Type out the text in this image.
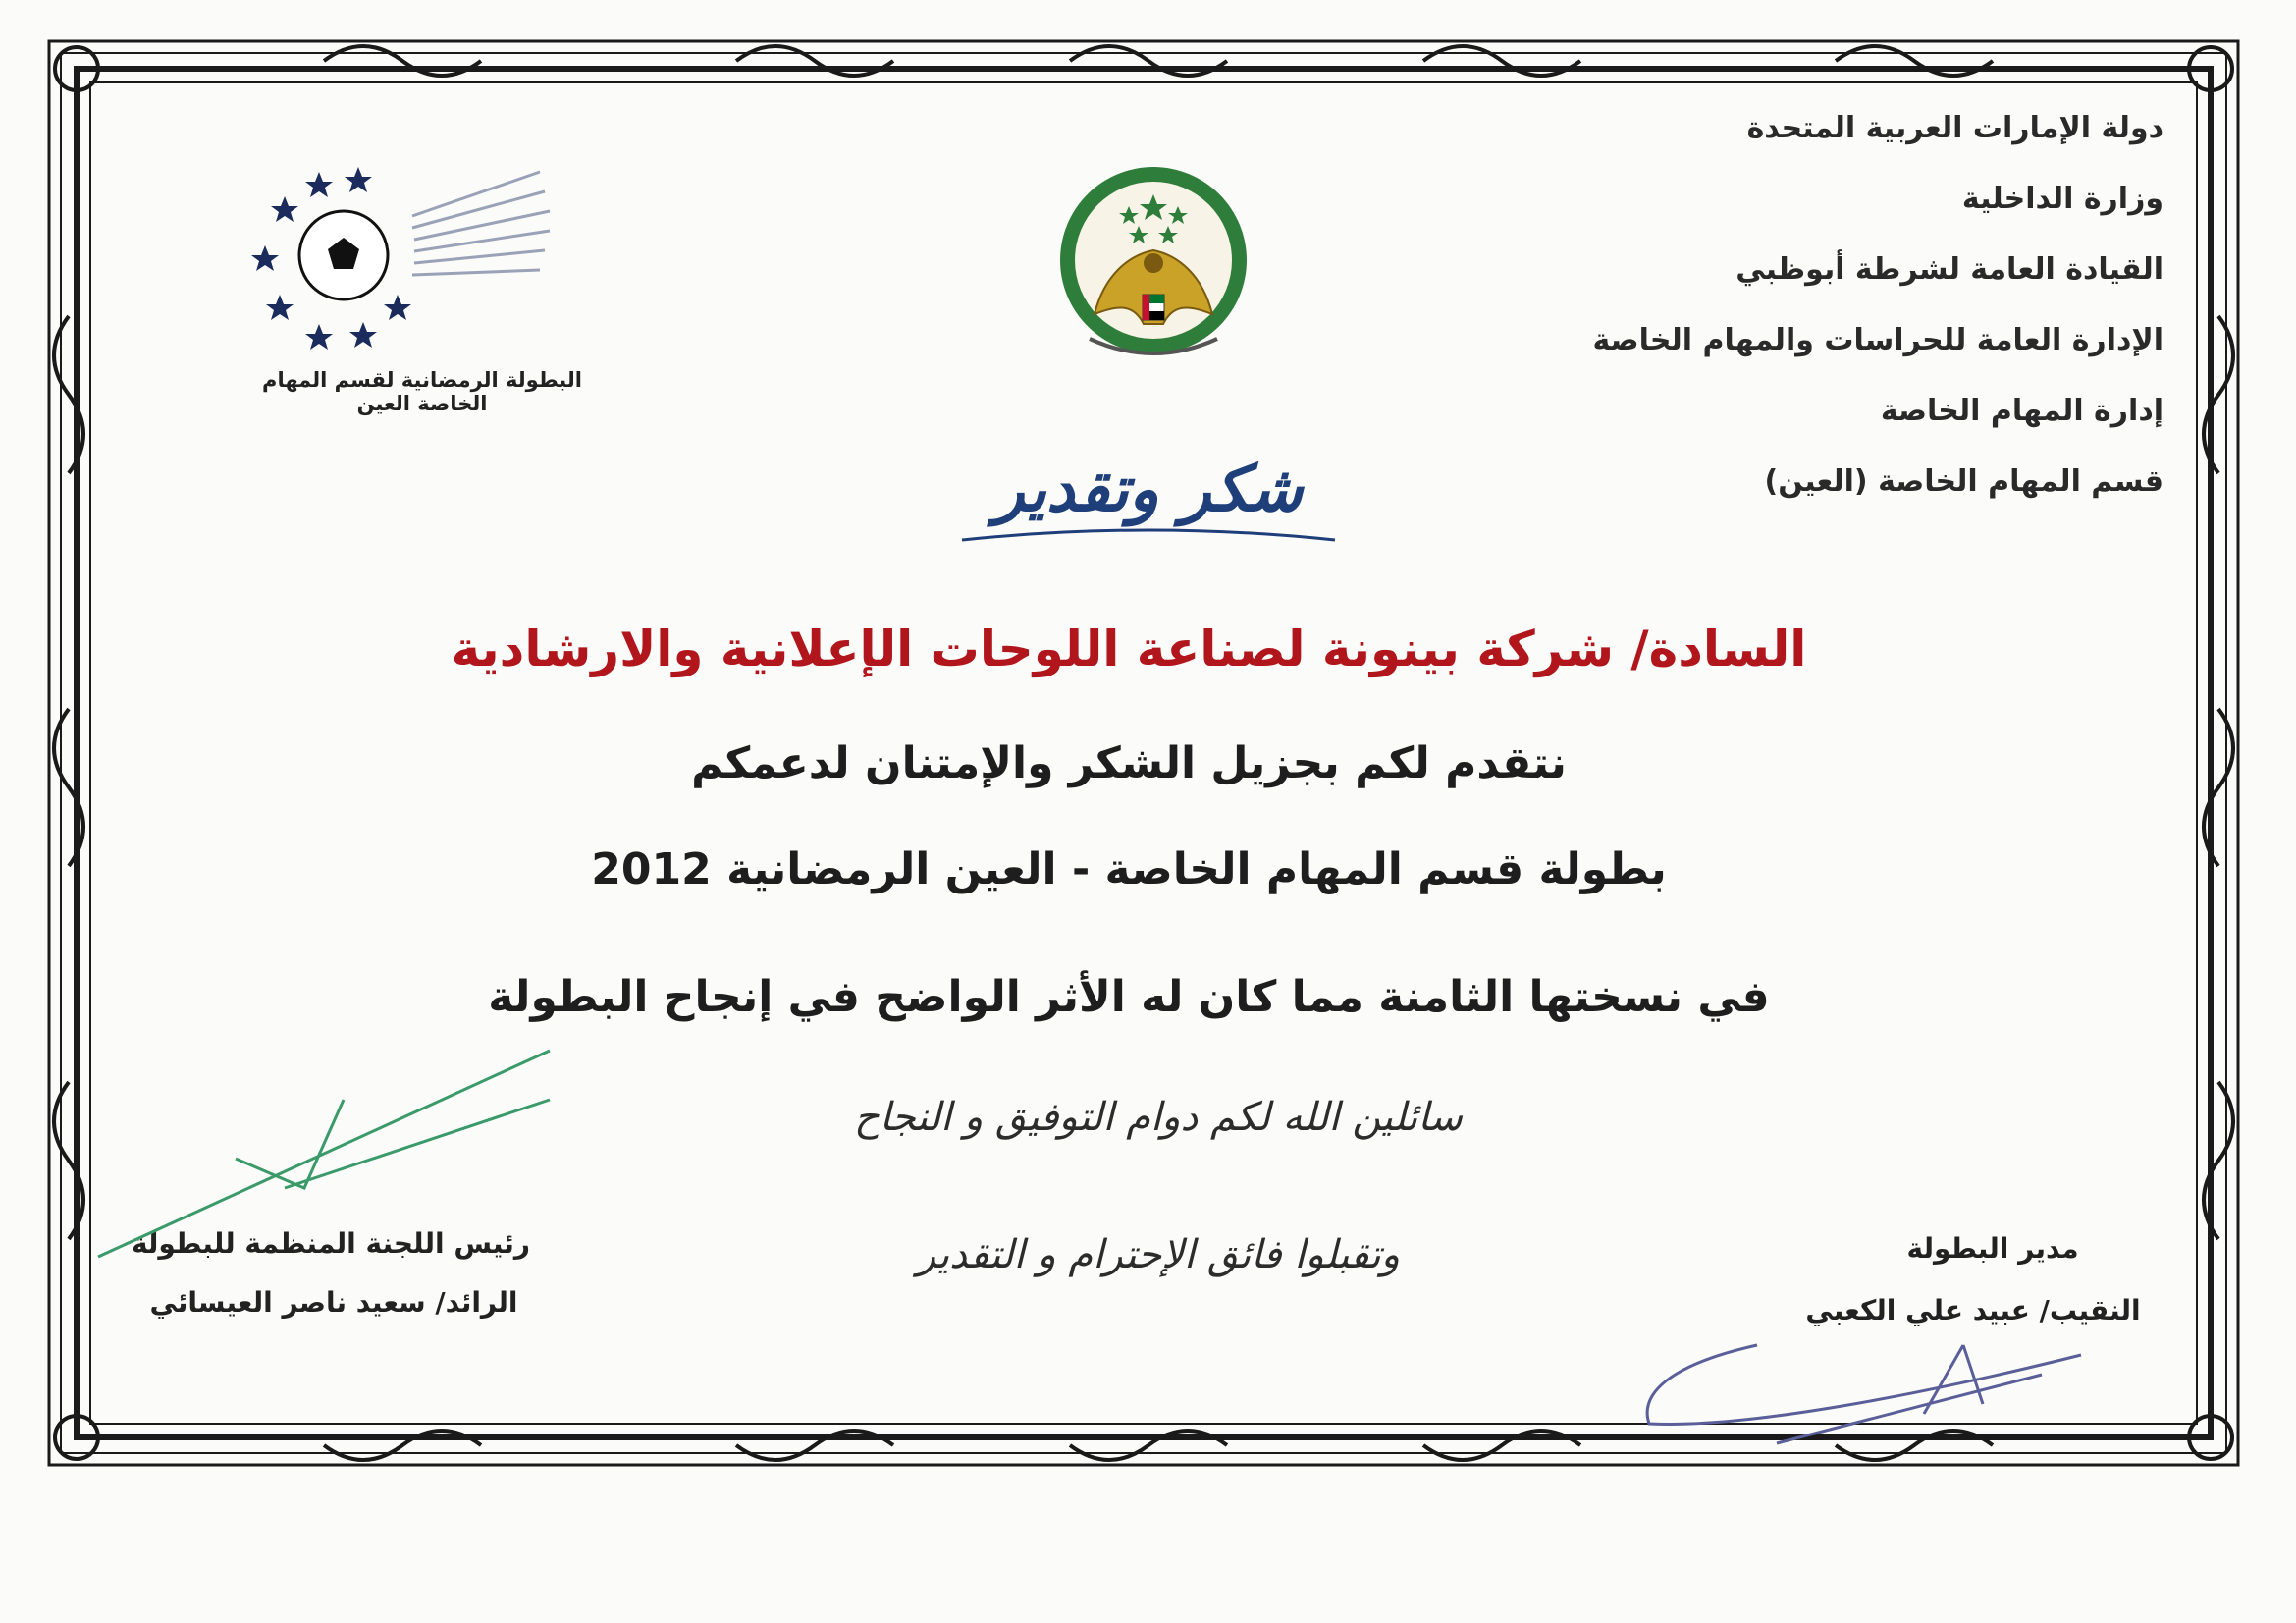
دولة الإمارات العربية المتحدة
وزارة الداخلية
القيادة العامة لشرطة أبوظبي
الإدارة العامة للحراسات والمهام الخاصة
إدارة المهام الخاصة
قسم المهام الخاصة (العين)
البطولة الرمضانية لقسم المهام الخاصة العين
شكر وتقدير
السادة/ شركة بينونة لصناعة اللوحات الإعلانية والارشادية
نتقدم لكم بجزيل الشكر والإمتنان لدعمكم
بطولة قسم المهام الخاصة - العين الرمضانية 2012
في نسختها الثامنة مما كان له الأثر الواضح في إنجاح البطولة
سائلين الله لكم دوام التوفيق و النجاح
وتقبلوا فائق الإحترام و التقدير
رئيس اللجنة المنظمة للبطولة
الرائد/ سعيد ناصر العيسائي
مدير البطولة
النقيب/ عبيد علي الكعبي
